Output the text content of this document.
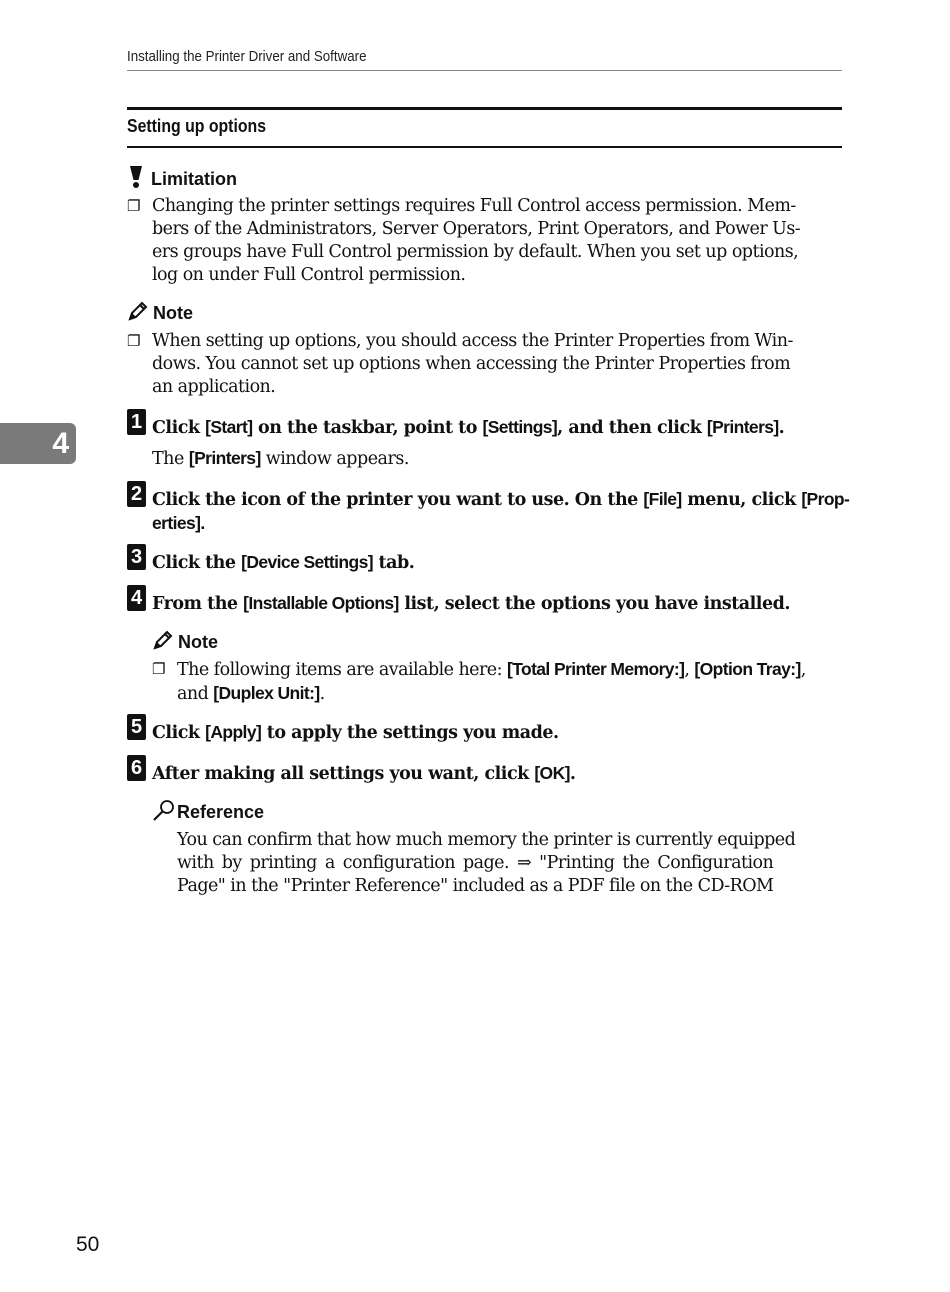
Installing the Printer Driver and Software
Setting up options
Limitation
❐ Changing the printer settings requires Full Control access permission. Mem-
bers of the Administrators, Server Operators, Print Operators, and Power Us-
ers groups have Full Control permission by default. When you set up options,
log on under Full Control permission.
Note
❐ When setting up options, you should access the Printer Properties from Win-
dows. You cannot set up options when accessing the Printer Properties from
an application.
4
1 Click [Start] on the taskbar, point to [Settings], and then click [Printers].
The [Printers] window appears.
2 Click the icon of the printer you want to use. On the [File] menu, click [Prop-
erties].
3 Click the [Device Settings] tab.
4 From the [Installable Options] list, select the options you have installed.
Note
❐ The following items are available here: [Total Printer Memory:], [Option Tray:],
and [Duplex Unit:].
5 Click [Apply] to apply the settings you made.
6 After making all settings you want, click [OK].
Reference
You can confirm that how much memory the printer is currently equipped
with by printing a configuration page. ⇒ "Printing the Configuration
Page" in the "Printer Reference" included as a PDF file on the CD-ROM
50
